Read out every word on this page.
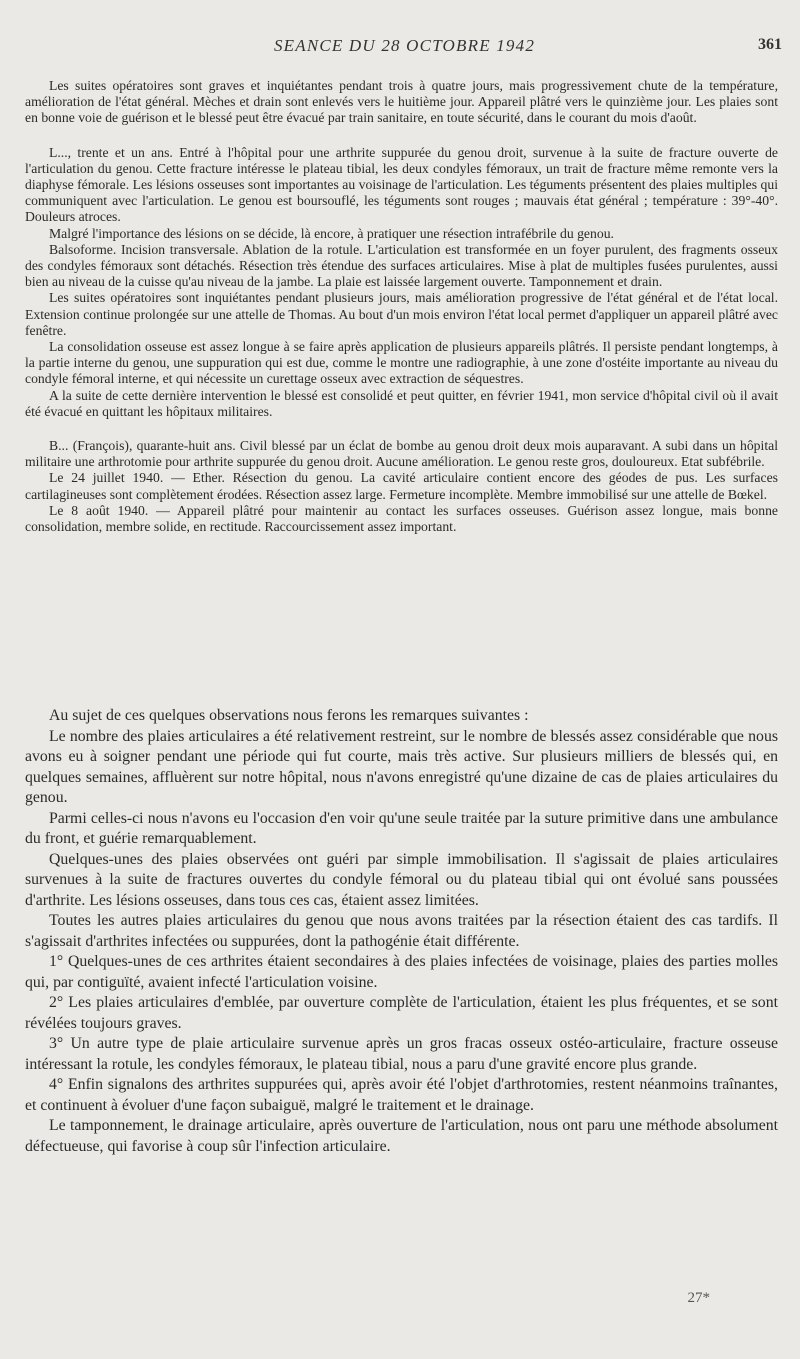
SEANCE DU 28 OCTOBRE 1942	361

Les suites opératoires sont graves et inquiétantes pendant trois à quatre jours, mais progressivement chute de la température, amélioration de l'état général. Mèches et drain sont enlevés vers le huitième jour. Appareil plâtré vers le quinzième jour. Les plaies sont en bonne voie de guérison et le blessé peut être évacué par train sanitaire, en toute sécurité, dans le courant du mois d'août.

L..., trente et un ans. Entré à l'hôpital pour une arthrite suppurée du genou droit, survenue à la suite de fracture ouverte de l'articulation du genou. Cette fracture intéresse le plateau tibial, les deux condyles fémoraux, un trait de fracture même remonte vers la diaphyse fémorale. Les lésions osseuses sont importantes au voisinage de l'articulation. Les téguments présentent des plaies multiples qui communiquent avec l'articulation. Le genou est boursouflé, les téguments sont rouges ; mauvais état général ; température : 39°-40°. Douleurs atroces.

Malgré l'importance des lésions on se décide, là encore, à pratiquer une résection intrafébrile du genou.

Balsoforme. Incision transversale. Ablation de la rotule. L'articulation est transformée en un foyer purulent, des fragments osseux des condyles fémoraux sont détachés. Résection très étendue des surfaces articulaires. Mise à plat de multiples fusées purulentes, aussi bien au niveau de la cuisse qu'au niveau de la jambe. La plaie est laissée largement ouverte. Tamponnement et drain.

Les suites opératoires sont inquiétantes pendant plusieurs jours, mais amélioration progressive de l'état général et de l'état local. Extension continue prolongée sur une attelle de Thomas. Au bout d'un mois environ l'état local permet d'appliquer un appareil plâtré avec fenêtre.

La consolidation osseuse est assez longue à se faire après application de plusieurs appareils plâtrés. Il persiste pendant longtemps, à la partie interne du genou, une suppuration qui est due, comme le montre une radiographie, à une zone d'ostéite importante au niveau du condyle fémoral interne, et qui nécessite un curettage osseux avec extraction de séquestres.

A la suite de cette dernière intervention le blessé est consolidé et peut quitter, en février 1941, mon service d'hôpital civil où il avait été évacué en quittant les hôpitaux militaires.

B... (François), quarante-huit ans. Civil blessé par un éclat de bombe au genou droit deux mois auparavant. A subi dans un hôpital militaire une arthrotomie pour arthrite suppurée du genou droit. Aucune amélioration. Le genou reste gros, douloureux. Etat subfébrile.

Le 24 juillet 1940. — Ether. Résection du genou. La cavité articulaire contient encore des géodes de pus. Les surfaces cartilagineuses sont complètement érodées. Résection assez large. Fermeture incomplète. Membre immobilisé sur une attelle de Bœkel.

Le 8 août 1940. — Appareil plâtré pour maintenir au contact les surfaces osseuses. Guérison assez longue, mais bonne consolidation, membre solide, en rectitude. Raccourcissement assez important.

Au sujet de ces quelques observations nous ferons les remarques suivantes :

Le nombre des plaies articulaires a été relativement restreint, sur le nombre de blessés assez considérable que nous avons eu à soigner pendant une période qui fut courte, mais très active. Sur plusieurs milliers de blessés qui, en quelques semaines, affluèrent sur notre hôpital, nous n'avons enregistré qu'une dizaine de cas de plaies articulaires du genou.

Parmi celles-ci nous n'avons eu l'occasion d'en voir qu'une seule traitée par la suture primitive dans une ambulance du front, et guérie remarquablement.

Quelques-unes des plaies observées ont guéri par simple immobilisation. Il s'agissait de plaies articulaires survenues à la suite de fractures ouvertes du condyle fémoral ou du plateau tibial qui ont évolué sans poussées d'arthrite. Les lésions osseuses, dans tous ces cas, étaient assez limitées.

Toutes les autres plaies articulaires du genou que nous avons traitées par la résection étaient des cas tardifs. Il s'agissait d'arthrites infectées ou suppurées, dont la pathogénie était différente.

1° Quelques-unes de ces arthrites étaient secondaires à des plaies infectées de voisinage, plaies des parties molles qui, par contiguïté, avaient infecté l'articulation voisine.

2° Les plaies articulaires d'emblée, par ouverture complète de l'articulation, étaient les plus fréquentes, et se sont révélées toujours graves.

3° Un autre type de plaie articulaire survenue après un gros fracas osseux ostéo-articulaire, fracture osseuse intéressant la rotule, les condyles fémoraux, le plateau tibial, nous a paru d'une gravité encore plus grande.

4° Enfin signalons des arthrites suppurées qui, après avoir été l'objet d'arthrotomies, restent néanmoins traînantes, et continuent à évoluer d'une façon subaiguë, malgré le traitement et le drainage.

Le tamponnement, le drainage articulaire, après ouverture de l'articulation, nous ont paru une méthode absolument défectueuse, qui favorise à coup sûr l'infection articulaire.

27*
